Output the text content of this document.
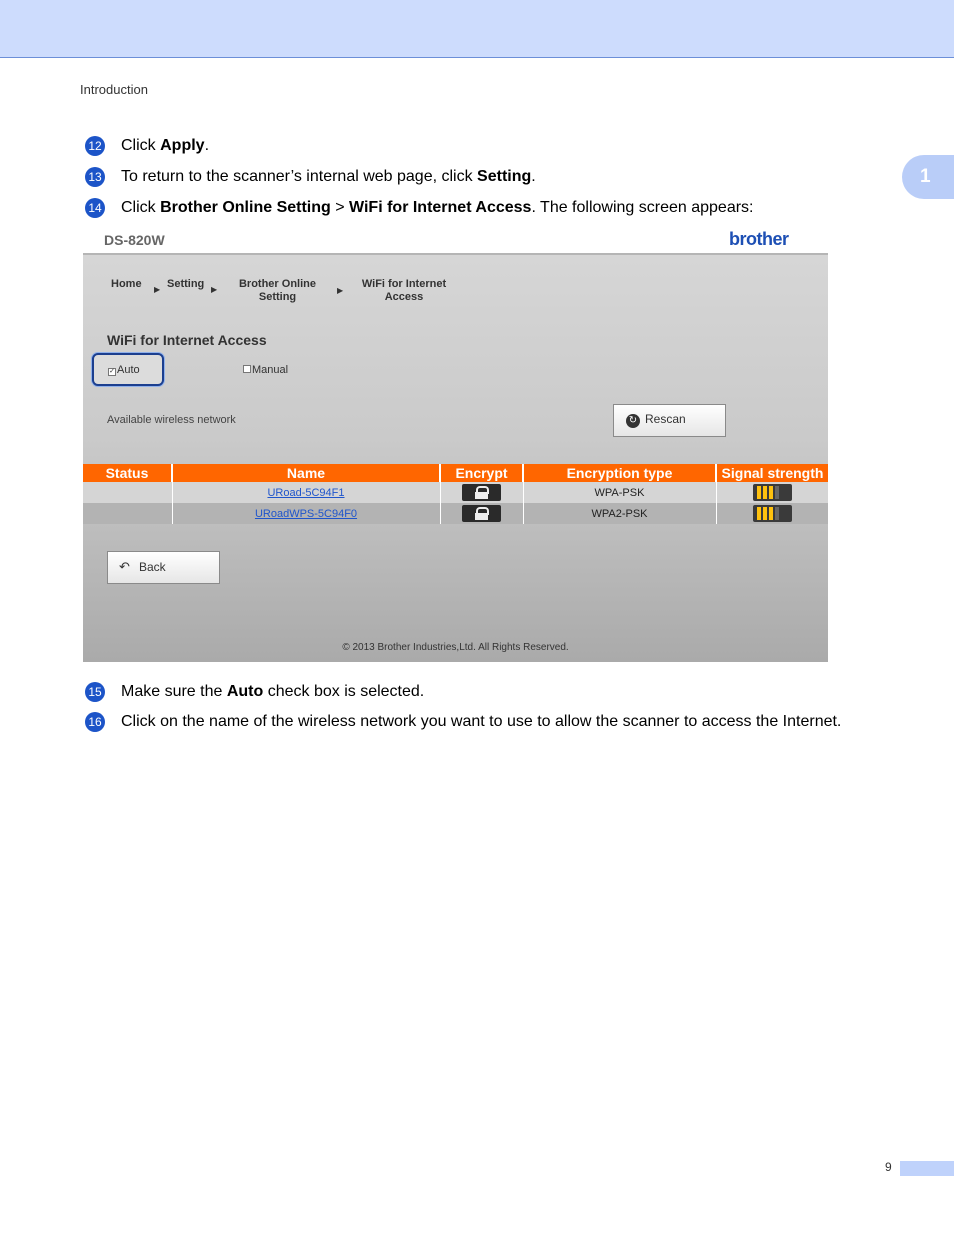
Introduction
1
12 Click Apply.
13 To return to the scanner’s internal web page, click Setting.
14 Click Brother Online Setting > WiFi for Internet Access. The following screen appears:
DS-820W	brother
Home ▶ Setting ▶	Brother Online
Setting
▶
WiFi for Internet
Access
WiFi for Internet Access
✓ Auto	Manual
Available wireless network	↻ Rescan
Status	Name	Encrypt	Encryption type	Signal strength
	URoad-5C94F1		WPA-PSK	
	URoadWPS-5C94F0		WPA2-PSK	
↶ Back
© 2013 Brother Industries,Ltd. All Rights Reserved.
15 Make sure the Auto check box is selected.
16 Click on the name of the wireless network you want to use to allow the scanner to access the Internet.
9
